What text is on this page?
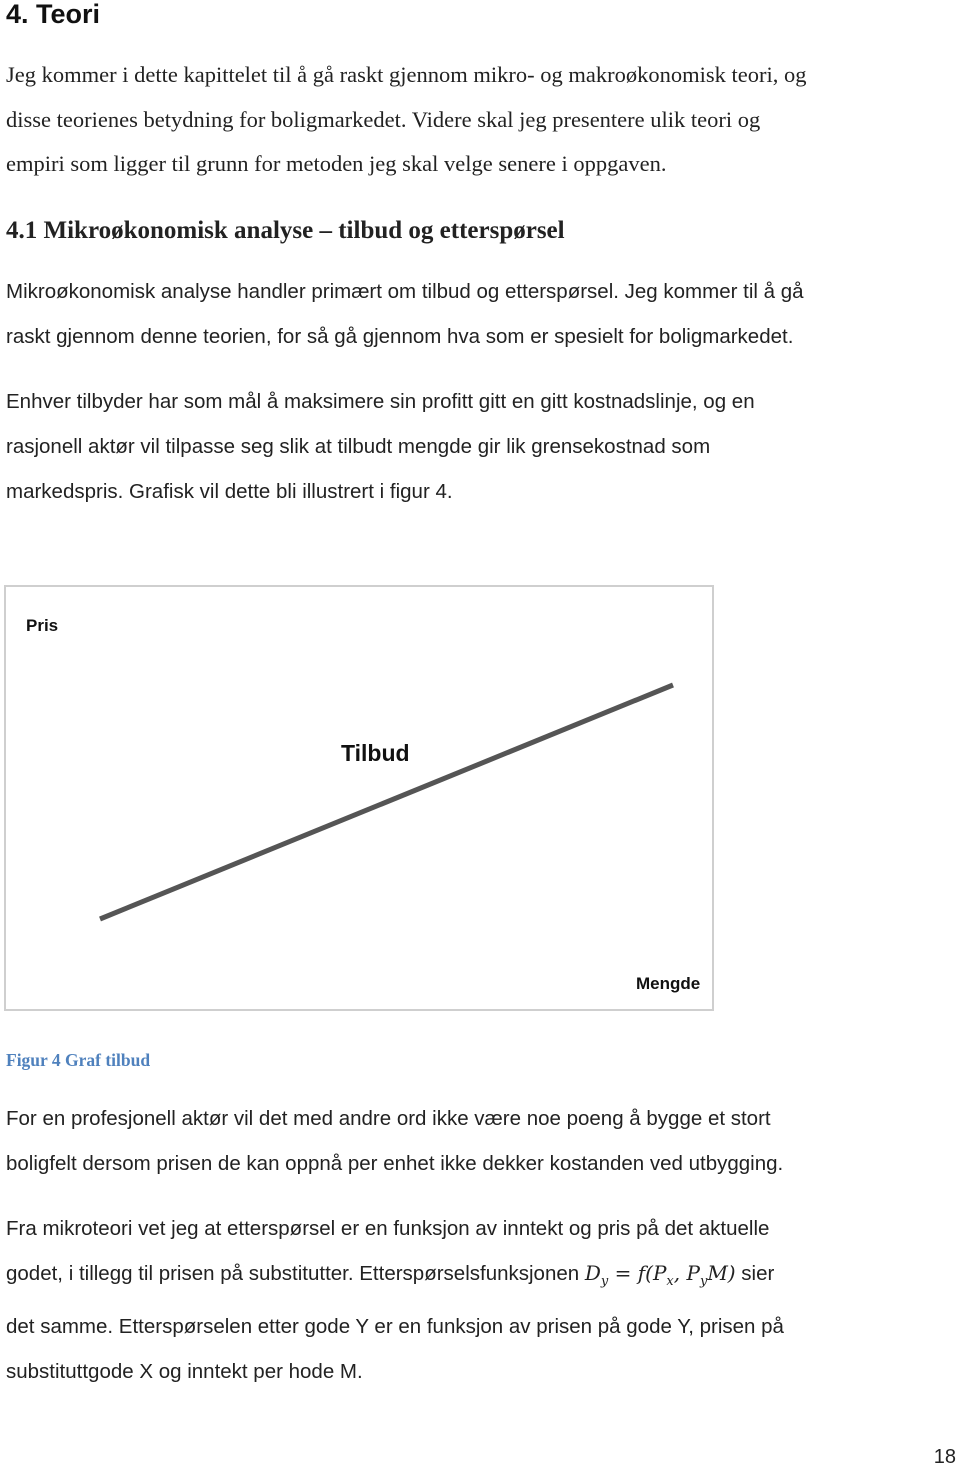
4. Teori

Jeg kommer i dette kapittelet til å gå raskt gjennom mikro- og makroøkonomisk teori, og
disse teorienes betydning for boligmarkedet. Videre skal jeg presentere ulik teori og
empiri som ligger til grunn for metoden jeg skal velge senere i oppgaven.

4.1 Mikroøkonomisk analyse – tilbud og etterspørsel

Mikroøkonomisk analyse handler primært om tilbud og etterspørsel. Jeg kommer til å gå
raskt gjennom denne teorien, for så gå gjennom hva som er spesielt for boligmarkedet.

Enhver tilbyder har som mål å maksimere sin profitt gitt en gitt kostnadslinje, og en
rasjonell aktør vil tilpasse seg slik at tilbudt mengde gir lik grensekostnad som
markedspris. Grafisk vil dette bli illustrert i figur 4.

Pris
Mengde
Tilbud

Figur 4 Graf tilbud

For en profesjonell aktør vil det med andre ord ikke være noe poeng å bygge et stort
boligfelt dersom prisen de kan oppnå per enhet ikke dekker kostanden ved utbygging.

Fra mikroteori vet jeg at etterspørsel er en funksjon av inntekt og pris på det aktuelle
godet, i tillegg til prisen på substitutter. Etterspørselsfunksjonen $D_y = f(P_x$, $P_yM$) sier
det samme. Etterspørselen etter gode Y er en funksjon av prisen på gode Y, prisen på
substituttgode X og inntekt per hode M.

18
